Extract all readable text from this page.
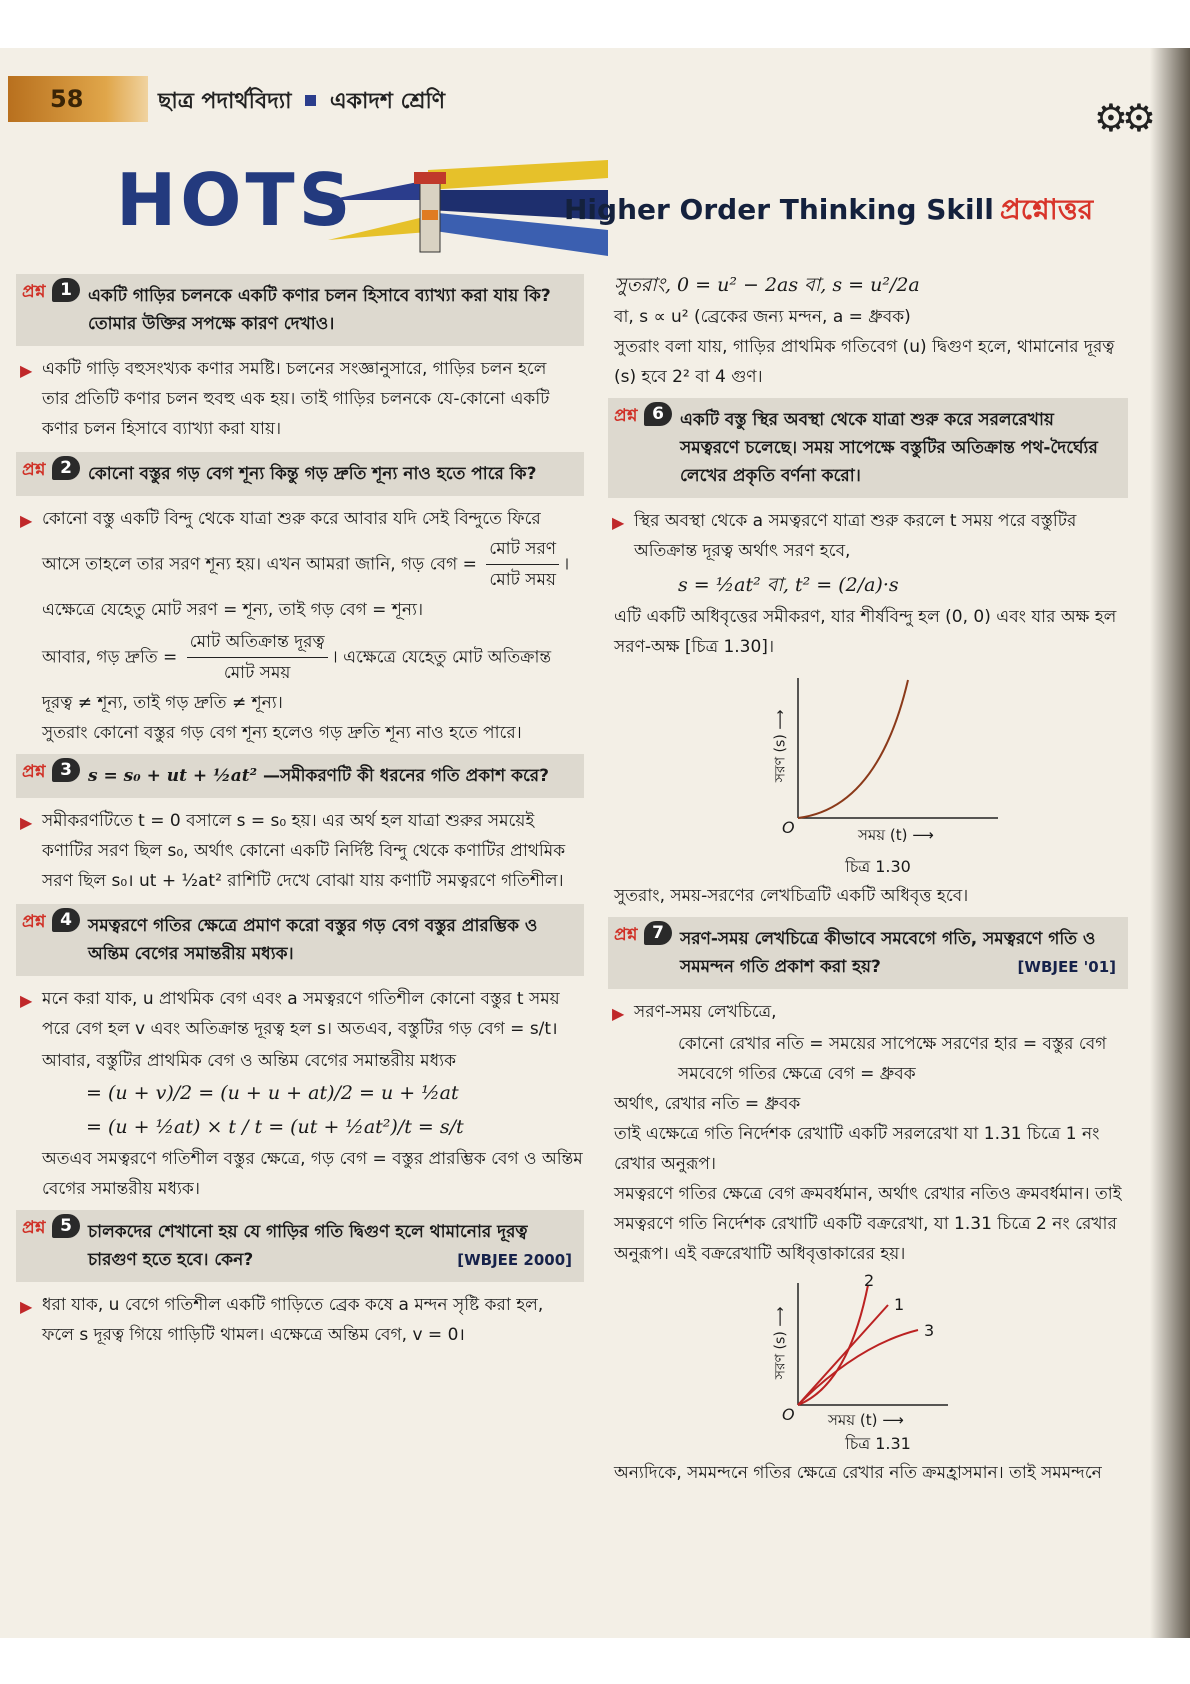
58	ছাত্র পদার্থবিদ্যা একাদশ শ্রেণি	⚙⚙
HOTS	Higher Order Thinking Skill প্রশ্নোত্তর
প্রশ্ন 1 একটি গাড়ির চলনকে একটি কণার চলন হিসাবে ব্যাখ্যা করা যায় কি? তোমার উক্তির সপক্ষে কারণ দেখাও।
▶ একটি গাড়ি বহুসংখ্যক কণার সমষ্টি। চলনের সংজ্ঞানুসারে, গাড়ির চলন হলে তার প্রতিটি কণার চলন হুবহু এক হয়। তাই গাড়ির চলনকে যে-কোনো একটি কণার চলন হিসাবে ব্যাখ্যা করা যায়।
প্রশ্ন 2 কোনো বস্তুর গড় বেগ শূন্য কিন্তু গড় দ্রুতি শূন্য নাও হতে পারে কি?
▶ কোনো বস্তু একটি বিন্দু থেকে যাত্রা শুরু করে আবার যদি সেই বিন্দুতে ফিরে আসে তাহলে তার সরণ শূন্য হয়। এখন আমরা জানি, গড় বেগ = $\frac{\text{মোট সরণ}}{\text{মোট সময়}}$ । এক্ষেত্রে যেহেতু মোট সরণ = শূন্য, তাই গড় বেগ = শূন্য।
আবার, গড় দ্রুতি = $\frac{\text{মোট অতিক্রান্ত দূরত্ব}}{\text{মোট সময়}}$ । এক্ষেত্রে যেহেতু মোট অতিক্রান্ত
দূরত্ব ≠ শূন্য, তাই গড় দ্রুতি ≠ শূন্য।
সুতরাং কোনো বস্তুর গড় বেগ শূন্য হলেও গড় দ্রুতি শূন্য নাও হতে পারে।
প্রশ্ন 3 s = s₀ + ut + ½at² —সমীকরণটি কী ধরনের গতি প্রকাশ করে?
▶ সমীকরণটিতে t = 0 বসালে s = s₀ হয়। এর অর্থ হল যাত্রা শুরুর সময়েই কণাটির সরণ ছিল s₀, অর্থাৎ কোনো একটি নির্দিষ্ট বিন্দু থেকে কণাটির প্রাথমিক সরণ ছিল s₀। ut + ½at² রাশিটি দেখে বোঝা যায় কণাটি সমত্বরণে গতিশীল।
প্রশ্ন 4 সমত্বরণে গতির ক্ষেত্রে প্রমাণ করো বস্তুর গড় বেগ বস্তুর প্রারম্ভিক ও অন্তিম বেগের সমান্তরীয় মধ্যক।
▶ মনে করা যাক, u প্রাথমিক বেগ এবং a সমত্বরণে গতিশীল কোনো বস্তুর t সময় পরে বেগ হল v এবং অতিক্রান্ত দূরত্ব হল s। অতএব, বস্তুটির গড় বেগ = s/t।
আবার, বস্তুটির প্রাথমিক বেগ ও অন্তিম বেগের সমান্তরীয় মধ্যক
= (u + v)/2 = (u + u + at)/2 = u + ½at
= (u + ½at) × t / t = (ut + ½at²)/t = s/t
অতএব সমত্বরণে গতিশীল বস্তুর ক্ষেত্রে, গড় বেগ = বস্তুর প্রারম্ভিক বেগ ও অন্তিম বেগের সমান্তরীয় মধ্যক।
প্রশ্ন 5 চালকদের শেখানো হয় যে গাড়ির গতি দ্বিগুণ হলে থামানোর দূরত্ব চারগুণ হতে হবে। কেন?	[WBJEE 2000]
▶ ধরা যাক, u বেগে গতিশীল একটি গাড়িতে ব্রেক কষে a মন্দন সৃষ্টি করা হল, ফলে s দূরত্ব গিয়ে গাড়িটি থামল। এক্ষেত্রে অন্তিম বেগ, v = 0।
সুতরাং, 0 = u² − 2as বা, s = u²/2a
বা, s ∝ u² (ব্রেকের জন্য মন্দন, a = ধ্রুবক)
সুতরাং বলা যায়, গাড়ির প্রাথমিক গতিবেগ (u) দ্বিগুণ হলে, থামানোর দূরত্ব (s) হবে 2² বা 4 গুণ।
প্রশ্ন 6 একটি বস্তু স্থির অবস্থা থেকে যাত্রা শুরু করে সরলরেখায় সমত্বরণে চলেছে। সময় সাপেক্ষে বস্তুটির অতিক্রান্ত পথ-দৈর্ঘ্যের লেখের প্রকৃতি বর্ণনা করো।
▶ স্থির অবস্থা থেকে a সমত্বরণে যাত্রা শুরু করলে t সময় পরে বস্তুটির অতিক্রান্ত দূরত্ব অর্থাৎ সরণ হবে,
s = ½at² বা, t² = (2/a)·s
এটি একটি অধিবৃত্তের সমীকরণ, যার শীর্ষবিন্দু হল (0, 0) এবং যার অক্ষ হল সরণ-অক্ষ [চিত্র 1.30]।
O
সরণ (s) ⟶
সময় (t) ⟶
চিত্র 1.30
সুতরাং, সময়-সরণের লেখচিত্রটি একটি অধিবৃত্ত হবে।
প্রশ্ন 7 সরণ-সময় লেখচিত্রে কীভাবে সমবেগে গতি, সমত্বরণে গতি ও সমমন্দন গতি প্রকাশ করা হয়?	[WBJEE '01]
▶ সরণ-সময় লেখচিত্রে,
কোনো রেখার নতি = সময়ের সাপেক্ষে সরণের হার = বস্তুর বেগ
সমবেগে গতির ক্ষেত্রে বেগ = ধ্রুবক
অর্থাৎ, রেখার নতি = ধ্রুবক
তাই এক্ষেত্রে গতি নির্দেশক রেখাটি একটি সরলরেখা যা 1.31 চিত্রে 1 নং রেখার অনুরূপ।
সমত্বরণে গতির ক্ষেত্রে বেগ ক্রমবর্ধমান, অর্থাৎ রেখার নতিও ক্রমবর্ধমান। তাই সমত্বরণে গতি নির্দেশক রেখাটি একটি বক্ররেখা, যা 1.31 চিত্রে 2 নং রেখার অনুরূপ। এই বক্ররেখাটি অধিবৃত্তাকারের হয়।
2
1
3
O
সরণ (s) ⟶
সময় (t) ⟶
চিত্র 1.31
অন্যদিকে, সমমন্দনে গতির ক্ষেত্রে রেখার নতি ক্রমহ্রাসমান। তাই সমমন্দনে
